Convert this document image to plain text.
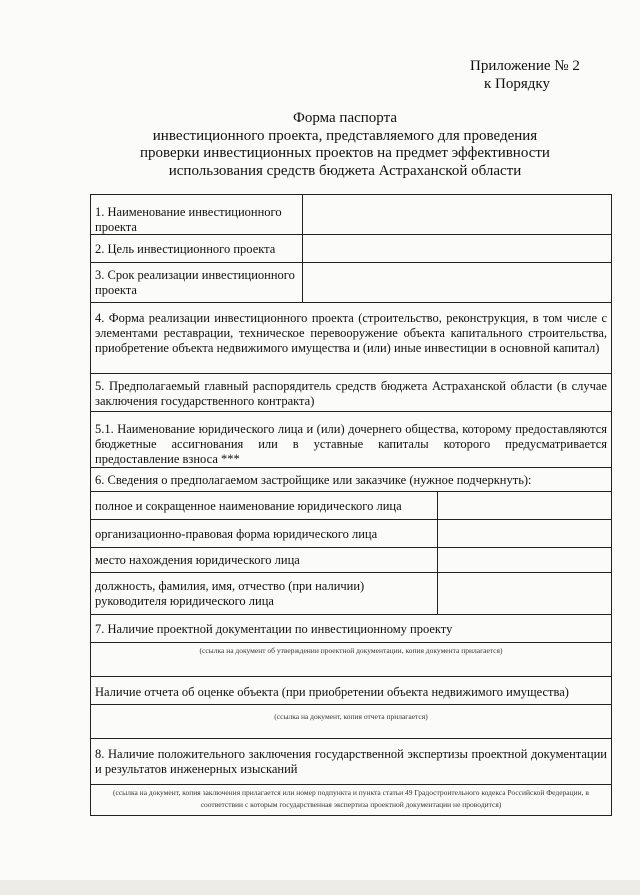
Приложение № 2
к Порядку
Форма паспорта
инвестиционного проекта, представляемого для проведения
проверки инвестиционных проектов на предмет эффективности
использования средств бюджета Астраханской области
1. Наименование инвестиционного проекта
2. Цель инвестиционного проекта
3. Срок реализации инвестиционного проекта
4. Форма реализации инвестиционного проекта (строительство, реконструкция, в том числе с элементами реставрации, техническое перевооружение объекта капитального строительства, приобретение объекта недвижимого имущества и (или) иные инвестиции в основной капитал)
5. Предполагаемый главный распорядитель средств бюджета Астраханской области (в случае заключения государственного контракта)
5.1. Наименование юридического лица и (или) дочернего общества, которому предоставляются бюджетные ассигнования или в уставные капиталы которого предусматривается предоставление взноса ***
6. Сведения о предполагаемом застройщике или заказчике (нужное подчеркнуть):
полное и сокращенное наименование юридического лица
организационно-правовая форма юридического лица
место нахождения юридического лица
должность, фамилия, имя, отчество (при наличии) руководителя юридического лица
7. Наличие проектной документации по инвестиционному проекту
(ссылка на документ об утверждении проектной документации, копия документа прилагается)
Наличие отчета об оценке объекта (при приобретении объекта недвижимого имущества)
(ссылка на документ, копия отчета прилагается)
8. Наличие положительного заключения государственной экспертизы проектной документации и результатов инженерных изысканий
(ссылка на документ, копия заключения прилагается или номер подпункта и пункта статьи 49 Градостроительного кодекса Российской Федерации, в соответствии с которым государственная экспертиза проектной документации не проводится)
